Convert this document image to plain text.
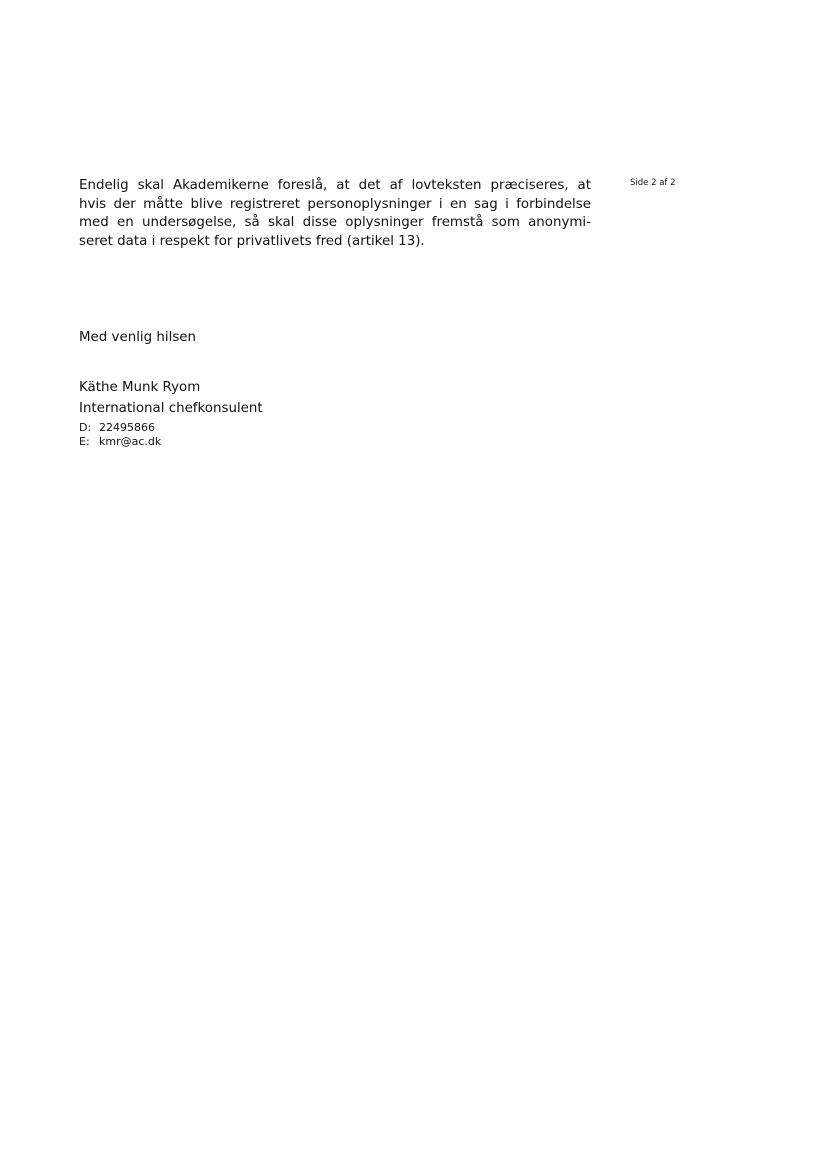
Side 2 af 2
Endelig skal Akademikerne foreslå, at det af lovteksten præciseres, at
hvis der måtte blive registreret personoplysninger i en sag i forbindelse
med en undersøgelse, så skal disse oplysninger fremstå som anonymi-
seret data i respekt for privatlivets fred (artikel 13).
Med venlig hilsen
Käthe Munk Ryom
International chefkonsulent
D: 22495866
E: kmr@ac.dk
